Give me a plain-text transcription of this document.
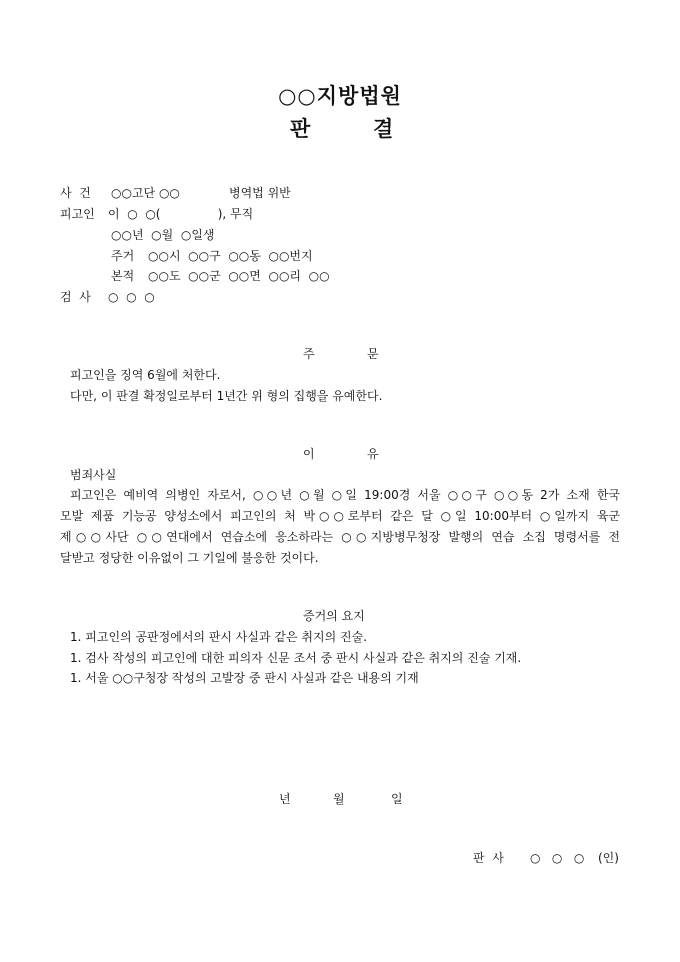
○○지방법원
판	결
사  건 ○○고단 ○○	병역법 위반
피고인 이  ○  ○(               ), 무직
○○년  ○월  ○일생
주거 ○○시  ○○구  ○○동  ○○번지
본적 ○○도  ○○군  ○○면  ○○리  ○○
검  사 ○  ○  ○
주	문
피고인을 징역 6월에 처한다.
다만, 이 판결 확정일로부터 1년간 위 형의 집행을 유예한다.
이	유
범죄사실
피고인은 예비역 의병인 자로서, ○○년 ○월 ○일 19:00경 서울 ○○구 ○○동 2가 소재 한국
모발 제품 기능공 양성소에서 피고인의 처 박○○로부터 같은 달 ○일 10:00부터 ○일까지 육군
제○○사단 ○○연대에서 연습소에 응소하라는 ○○지방병무청장 발행의 연습 소집 명령서를 전
달받고 정당한 이유없이 그 기일에 불응한 것이다.
증거의 요지
1. 피고인의 공판정에서의 판시 사실과 같은 취지의 진술.
1. 검사 작성의 피고인에 대한 피의자 신문 조서 중 판시 사실과 같은 취지의 진술 기재.
1. 서울 ○○구청장 작성의 고발장 중 판시 사실과 같은 내용의 기재
년	월	일
판  사 ○   ○   ○ (인)
